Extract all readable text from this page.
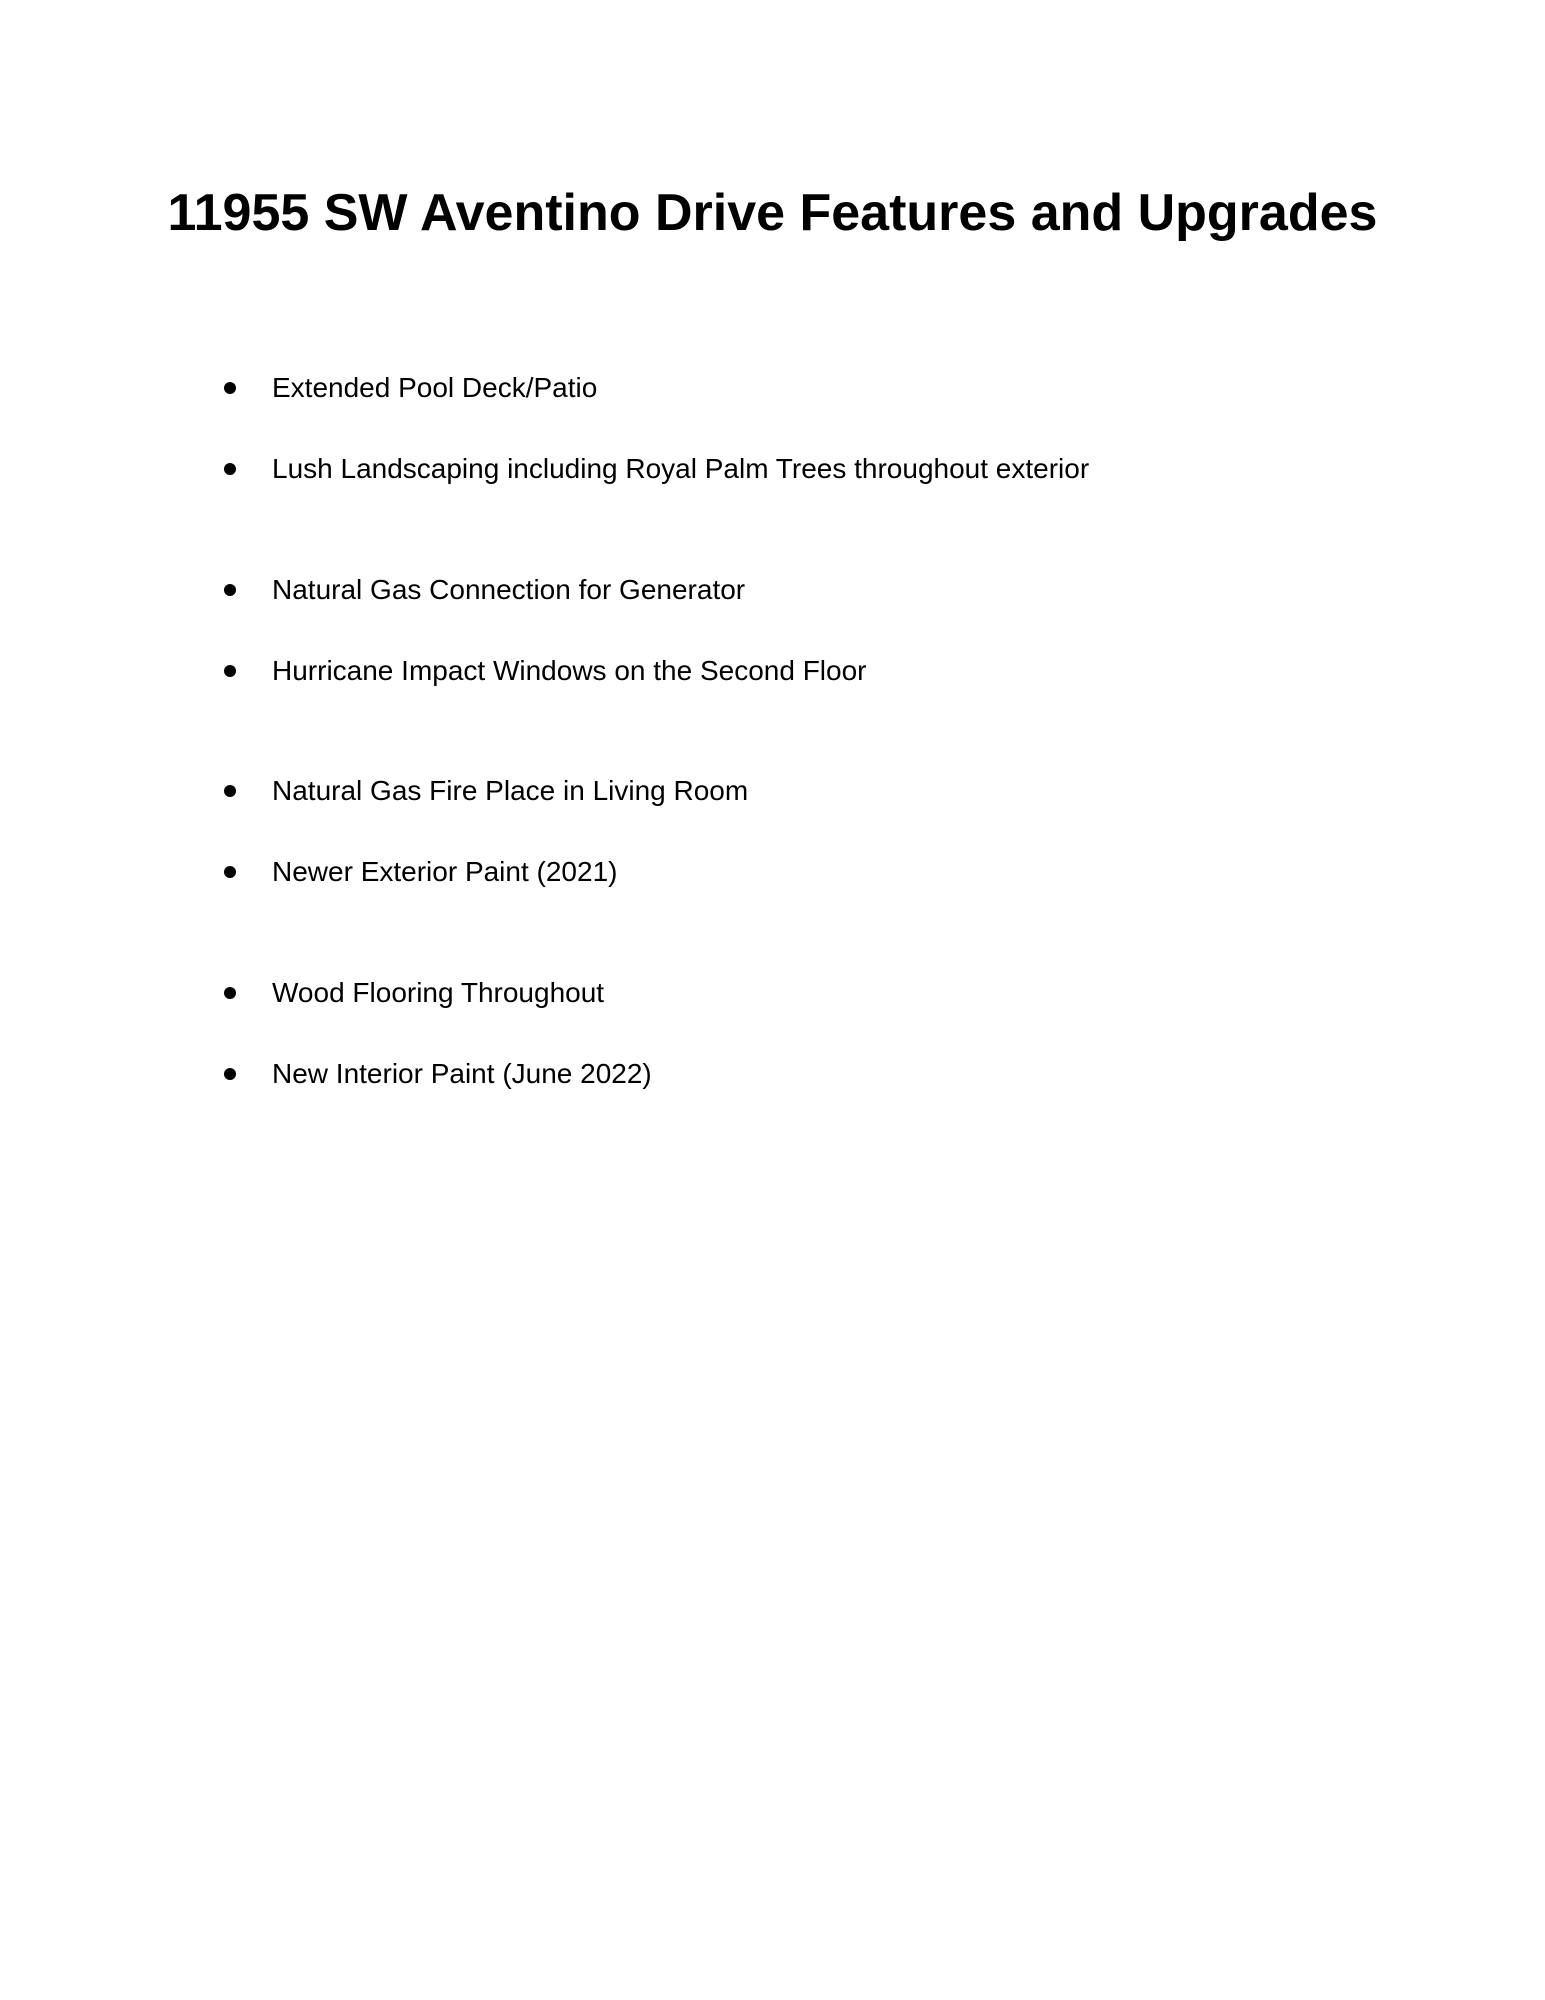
11955 SW Aventino Drive Features and Upgrades
Extended Pool Deck/Patio
Lush Landscaping including Royal Palm Trees throughout exterior
Natural Gas Connection for Generator
Hurricane Impact Windows on the Second Floor
Natural Gas Fire Place in Living Room
Newer Exterior Paint (2021)
Wood Flooring Throughout
New Interior Paint (June 2022)
